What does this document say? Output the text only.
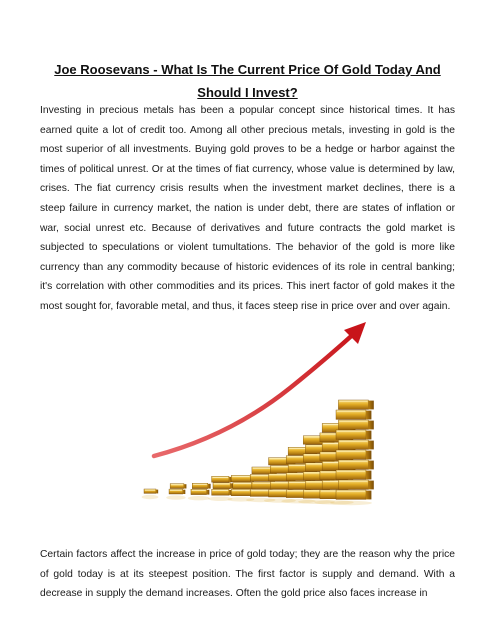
Joe Roosevans - What Is The Current Price Of Gold Today And Should I Invest?

Investing in precious metals has been a popular concept since historical times. It has earned quite a lot of credit too. Among all other precious metals, investing in gold is the most superior of all investments. Buying gold proves to be a hedge or harbor against the times of political unrest. Or at the times of fiat currency, whose value is determined by law, crises. The fiat currency crisis results when the investment market declines, there is a steep failure in currency market, the nation is under debt, there are states of inflation or war, social unrest etc. Because of derivatives and future contracts the gold market is subjected to speculations or violent tumultations. The behavior of the gold is more like currency than any commodity because of historic evidences of its role in central banking; it's correlation with other commodities and its prices. This inert factor of gold makes it the most sought for, favorable metal, and thus, it faces steep rise in price over and over again.

Certain factors affect the increase in price of gold today; they are the reason why the price of gold today is at its steepest position. The first factor is supply and demand. With a decrease in supply the demand increases. Often the gold price also faces increase in
